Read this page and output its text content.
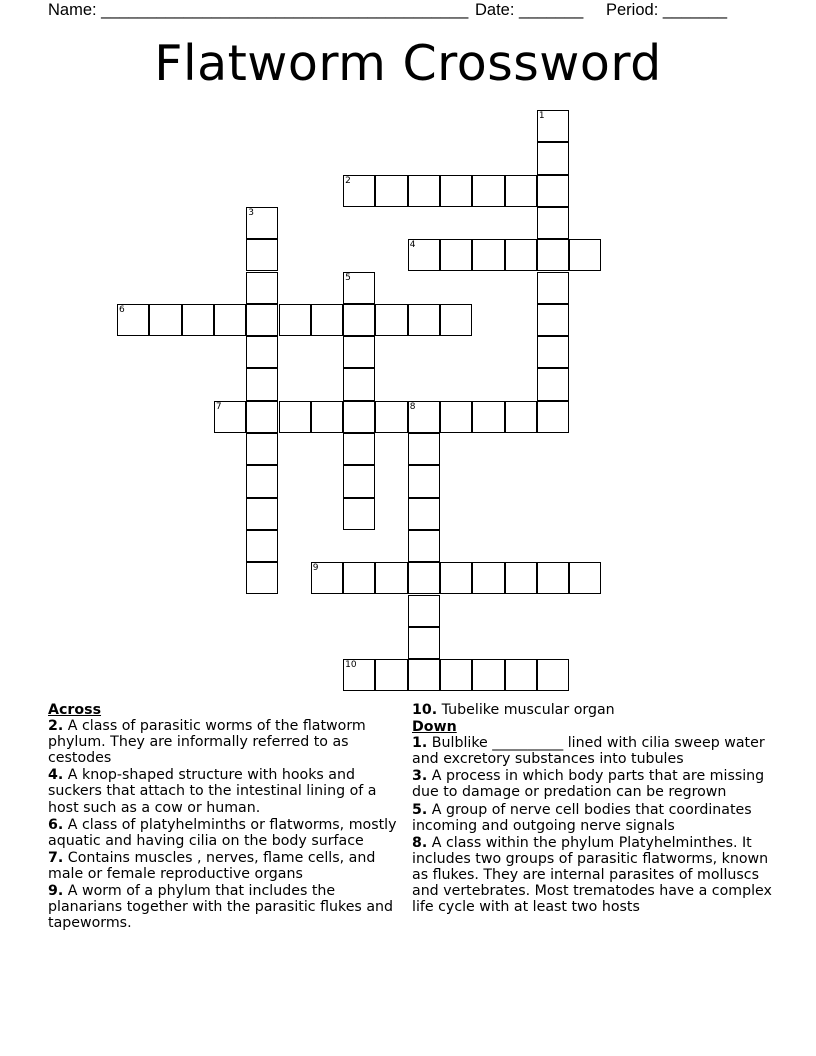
Name: ________________________________________ Date: _______ Period: _______
Flatworm Crossword
1
2
3
4
5
6
7	8
9
10
Across
2. A class of parasitic worms of the flatworm phylum. They are informally referred to as cestodes
4. A knop-shaped structure with hooks and suckers that attach to the intestinal lining of a host such as a cow or human.
6. A class of platyhelminths or flatworms, mostly aquatic and having cilia on the body surface
7. Contains muscles , nerves, flame cells, and male or female reproductive organs
9. A worm of a phylum that includes the planarians together with the parasitic flukes and tapeworms.
10. Tubelike muscular organ
Down
1. Bulblike __________ lined with cilia sweep water and excretory substances into tubules
3. A process in which body parts that are missing due to damage or predation can be regrown
5. A group of nerve cell bodies that coordinates incoming and outgoing nerve signals
8. A class within the phylum Platyhelminthes. It includes two groups of parasitic flatworms, known as flukes. They are internal parasites of molluscs and vertebrates. Most trematodes have a complex life cycle with at least two hosts
